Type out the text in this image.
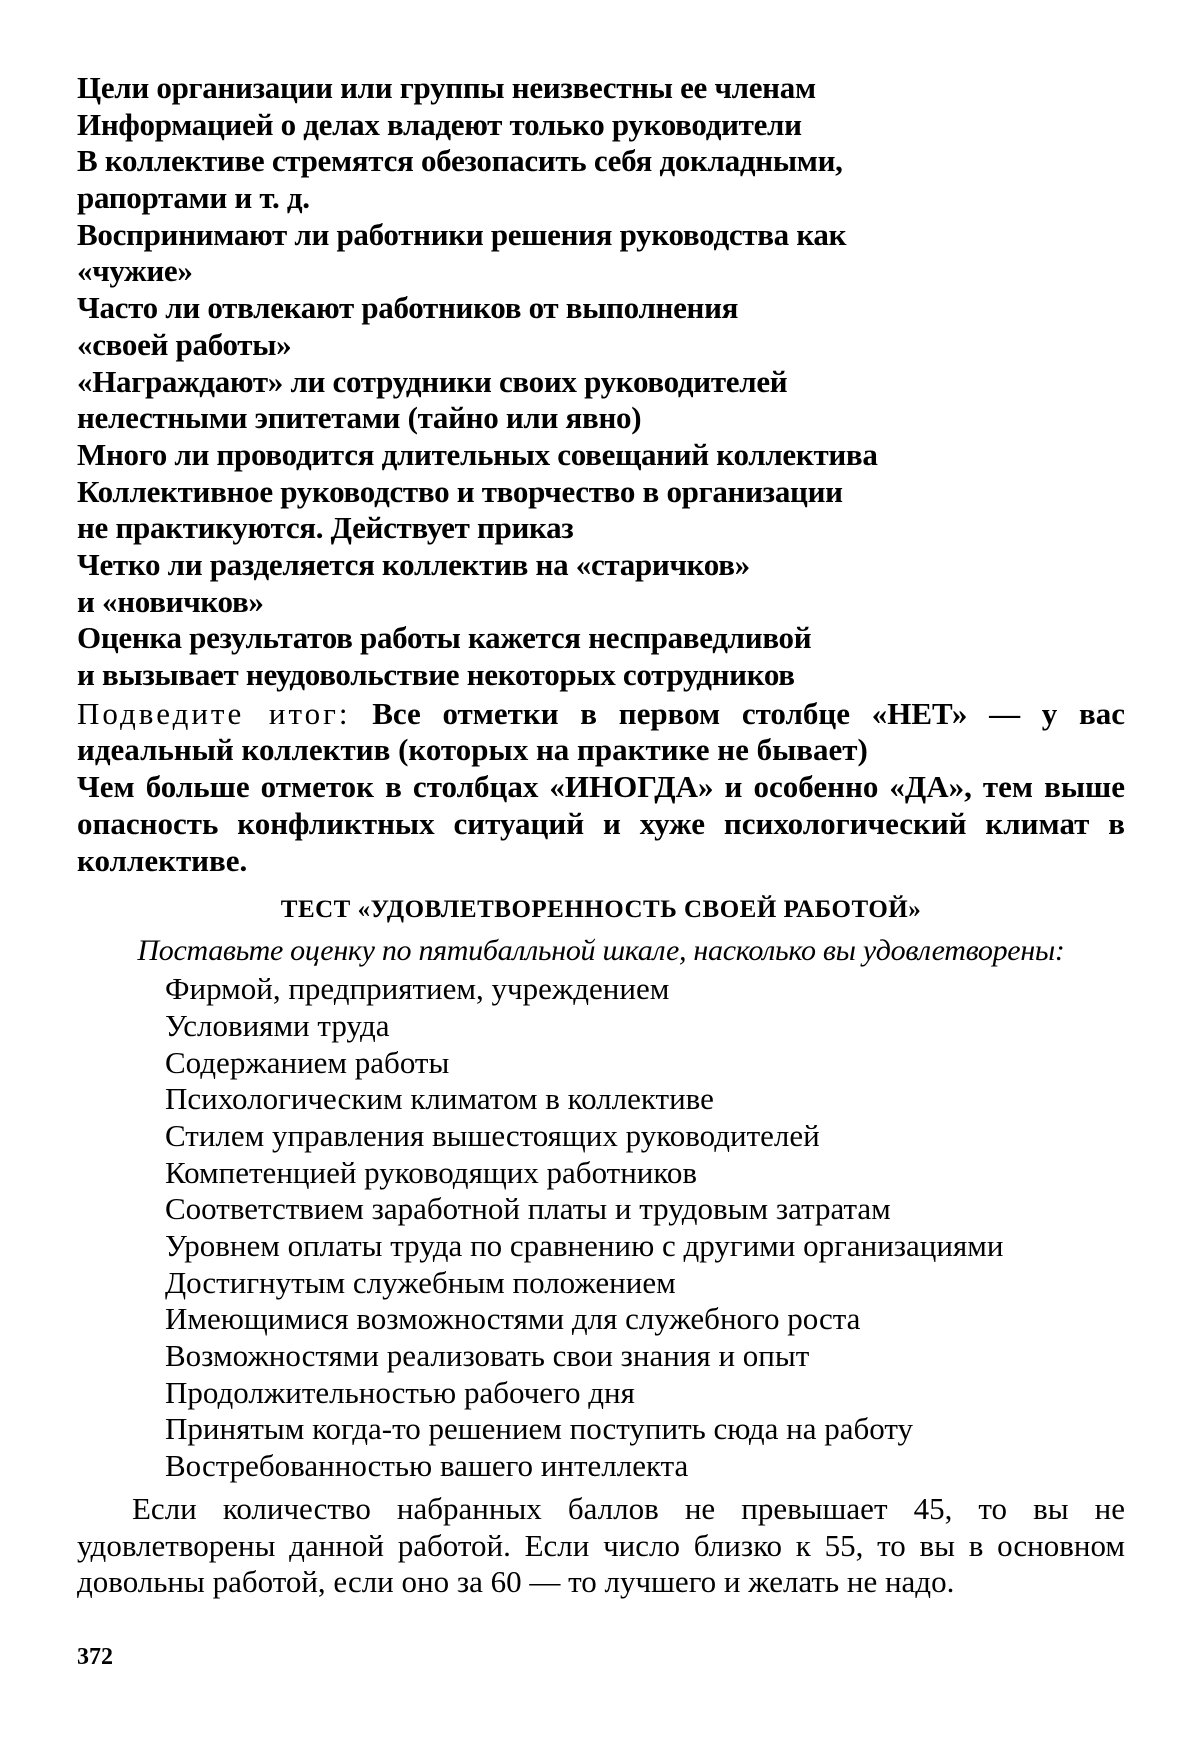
Цели организации или группы неизвестны ее членам
Информацией о делах владеют только руководители
В коллективе стремятся обезопасить себя докладными,
рапортами и т. д.
Воспринимают ли работники решения руководства как
«чужие»
Часто ли отвлекают работников от выполнения
«своей работы»
«Награждают» ли сотрудники своих руководителей
нелестными эпитетами (тайно или явно)
Много ли проводится длительных совещаний коллектива
Коллективное руководство и творчество в организации
не практикуются. Действует приказ
Четко ли разделяется коллектив на «старичков»
и «новичков»
Оценка результатов работы кажется несправедливой
и вызывает неудовольствие некоторых сотрудников
Подведите итог: Все отметки в первом столбце «НЕТ» — у вас идеальный коллектив (которых на практике не бывает)
Чем больше отметок в столбцах «ИНОГДА» и особенно «ДА», тем выше опасность конфликтных ситуаций и хуже психологический климат в коллективе.
ТЕСТ «УДОВЛЕТВОРЕННОСТЬ СВОЕЙ РАБОТОЙ»
Поставьте оценку по пятибалльной шкале, насколько вы удовлетворены:
Фирмой, предприятием, учреждением
Условиями труда
Содержанием работы
Психологическим климатом в коллективе
Стилем управления вышестоящих руководителей
Компетенцией руководящих работников
Соответствием заработной платы и трудовым затратам
Уровнем оплаты труда по сравнению с другими организациями
Достигнутым служебным положением
Имеющимися возможностями для служебного роста
Возможностями реализовать свои знания и опыт
Продолжительностью рабочего дня
Принятым когда-то решением поступить сюда на работу
Востребованностью вашего интеллекта
Если количество набранных баллов не превышает 45, то вы не удовлетворены данной работой. Если число близко к 55, то вы в основном довольны работой, если оно за 60 — то лучшего и желать не надо.
372
